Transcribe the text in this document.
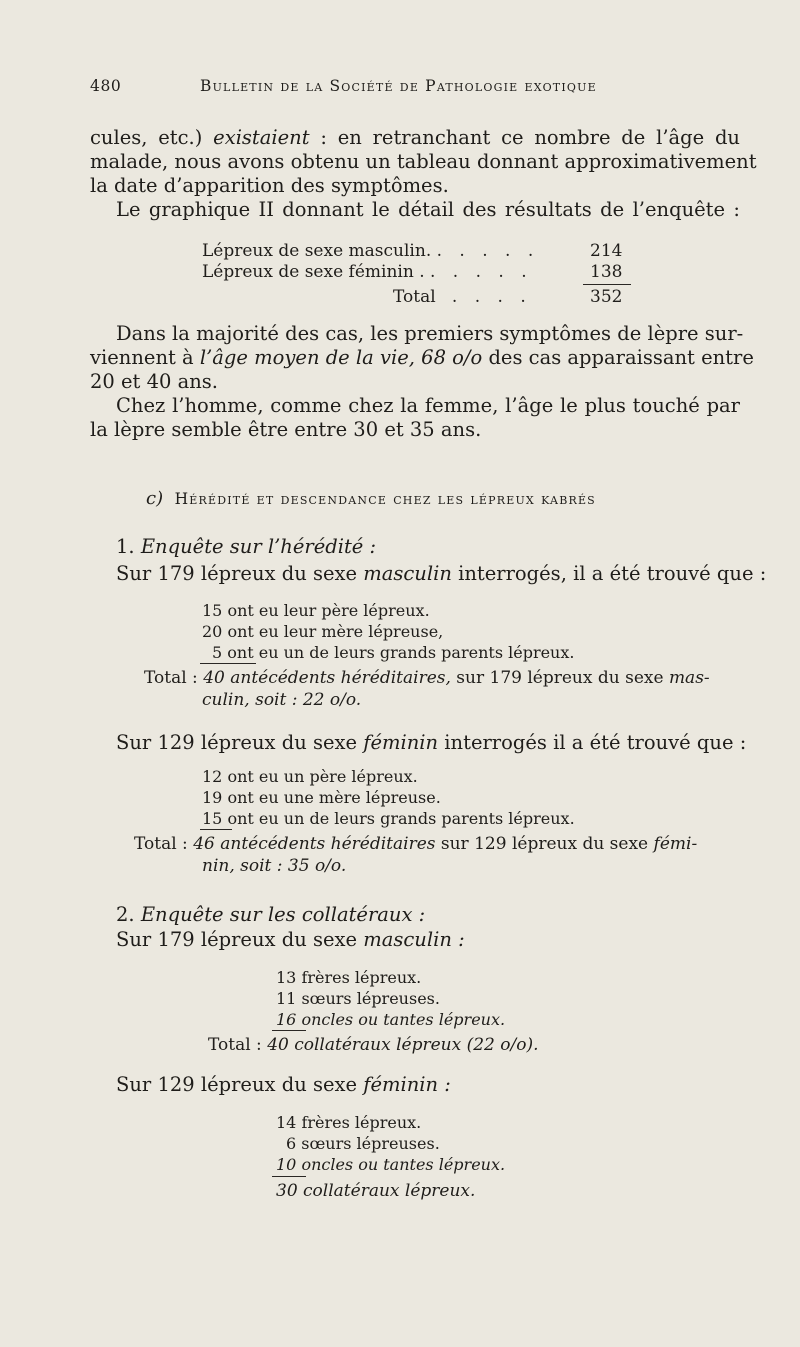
480	Bulletin de la Société de Pathologie exotique
cules, etc.) existaient : en retranchant ce nombre de l’âge du
malade, nous avons obtenu un tableau donnant approximativement
la date d’apparition des symptômes.
Le graphique II donnant le détail des résultats de l’enquête :
Lépreux de sexe masculin. . . . . .	214
Lépreux de sexe féminin . . . . . .	138
Total . . . .	352
Dans la majorité des cas, les premiers symptômes de lèpre sur-
viennent à l’âge moyen de la vie, 68 o/o des cas apparaissant entre
20 et 40 ans.
Chez l’homme, comme chez la femme, l’âge le plus touché par
la lèpre semble être entre 30 et 35 ans.
c) Hérédité et descendance chez les lépreux kabrés
1. Enquête sur l’hérédité :
Sur 179 lépreux du sexe masculin interrogés, il a été trouvé que :
15 ont eu leur père lépreux.
20 ont eu leur mère lépreuse,
5 ont eu un de leurs grands parents lépreux.
Total : 40 antécédents héréditaires, sur 179 lépreux du sexe mas-
culin, soit : 22 o/o.
Sur 129 lépreux du sexe féminin interrogés il a été trouvé que :
12 ont eu un père lépreux.
19 ont eu une mère lépreuse.
15 ont eu un de leurs grands parents lépreux.
Total : 46 antécédents héréditaires sur 129 lépreux du sexe fémi-
nin, soit : 35 o/o.
2. Enquête sur les collatéraux :
Sur 179 lépreux du sexe masculin :
13 frères lépreux.
11 sœurs lépreuses.
16 oncles ou tantes lépreux.
Total : 40 collatéraux lépreux (22 o/o).
Sur 129 lépreux du sexe féminin :
14 frères lépreux.
6 sœurs lépreuses.
10 oncles ou tantes lépreux.
30 collatéraux lépreux.
